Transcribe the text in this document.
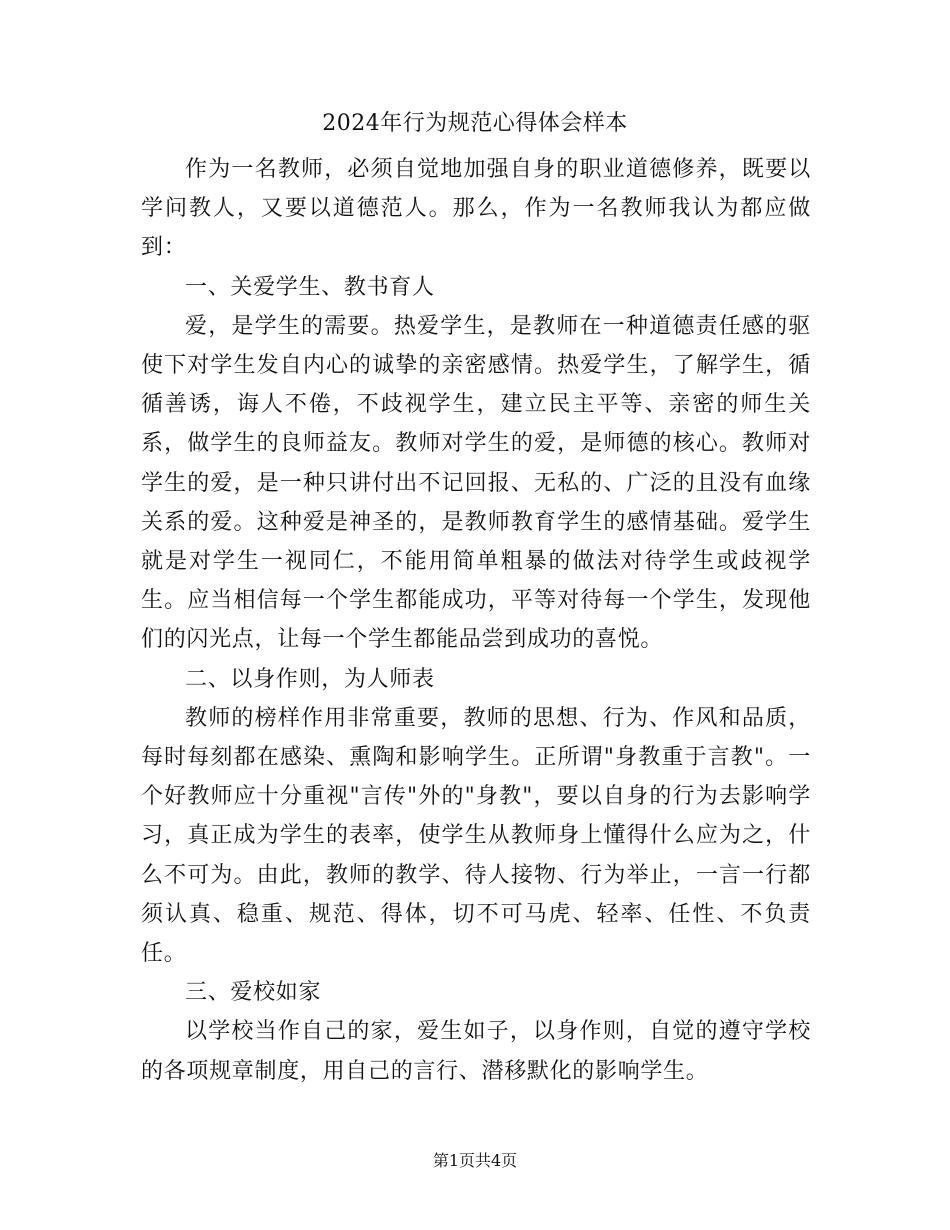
2024年行为规范心得体会样本

作为一名教师，必须自觉地加强自身的职业道德修养，既要以学问教人，又要以道德范人。那么，作为一名教师我认为都应做到：

一、关爱学生、教书育人

爱，是学生的需要。热爱学生，是教师在一种道德责任感的驱使下对学生发自内心的诚挚的亲密感情。热爱学生，了解学生，循循善诱，诲人不倦，不歧视学生，建立民主平等、亲密的师生关系，做学生的良师益友。教师对学生的爱，是师德的核心。教师对学生的爱，是一种只讲付出不记回报、无私的、广泛的且没有血缘关系的爱。这种爱是神圣的，是教师教育学生的感情基础。爱学生就是对学生一视同仁，不能用简单粗暴的做法对待学生或歧视学生。应当相信每一个学生都能成功，平等对待每一个学生，发现他们的闪光点，让每一个学生都能品尝到成功的喜悦。

二、以身作则，为人师表

教师的榜样作用非常重要，教师的思想、行为、作风和品质，每时每刻都在感染、熏陶和影响学生。正所谓"身教重于言教"。一个好教师应十分重视"言传"外的"身教"，要以自身的行为去影响学习，真正成为学生的表率，使学生从教师身上懂得什么应为之，什么不可为。由此，教师的教学、待人接物、行为举止，一言一行都须认真、稳重、规范、得体，切不可马虎、轻率、任性、不负责任。

三、爱校如家

以学校当作自己的家，爱生如子，以身作则，自觉的遵守学校的各项规章制度，用自己的言行、潜移默化的影响学生。

第1页共4页
